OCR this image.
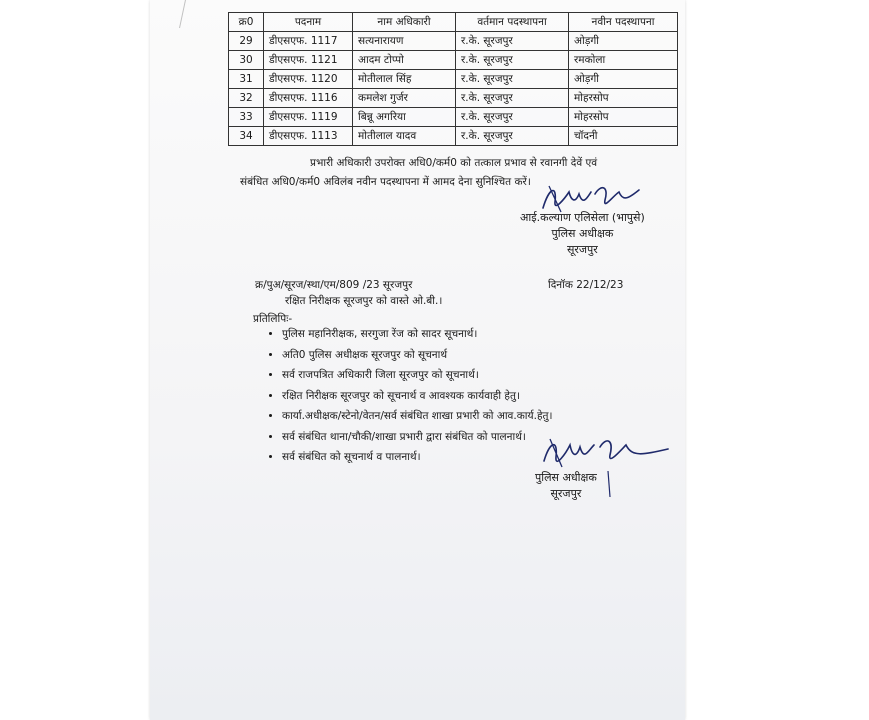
क्र0	पदनाम	नाम अधिकारी	वर्तमान पदस्थापना	नवीन पदस्थापना
29	डीएसएफ. 1117	सत्यनारायण	र.के. सूरजपुर	ओड़गी
30	डीएसएफ. 1121	आदम टोप्पो	र.के. सूरजपुर	रमकोला
31	डीएसएफ. 1120	मोतीलाल सिंह	र.के. सूरजपुर	ओड़गी
32	डीएसएफ. 1116	कमलेश गुर्जर	र.के. सूरजपुर	मोहरसोप
33	डीएसएफ. 1119	बिन्नू अगरिया	र.के. सूरजपुर	मोहरसोप
34	डीएसएफ. 1113	मोतीलाल यादव	र.के. सूरजपुर	चॉदनी
प्रभारी अधिकारी उपरोक्त अधि0/कर्म0 को तत्काल प्रभाव से रवानगी देवें एवं
संबंधित अधि0/कर्म0 अविलंब नवीन पदस्थापना में आमद देना सुनिश्चित करें।
आई.कल्याण एलिसेला (भापुसे)
पुलिस अधीक्षक
सूरजपुर
क्र/पुअ/सूरज/स्था/एम/809 /23 सूरजपुर	दिनॉक 22/12/23
रक्षित निरीक्षक सूरजपुर को वास्ते ओ.बी.।
प्रतिलिपिः-
• पुलिस महानिरीक्षक, सरगुजा रेंज को सादर सूचनार्थ।
• अति0 पुलिस अधीक्षक सूरजपुर को सूचनार्थ
• सर्व राजपत्रित अधिकारी जिला सूरजपुर को सूचनार्थ।
• रक्षित निरीक्षक सूरजपुर को सूचनार्थ व आवश्यक कार्यवाही हेतु।
• कार्या.अधीक्षक/स्टेनो/वेतन/सर्व संबंधित शाखा प्रभारी को आव.कार्य.हेतु।
• सर्व संबंधित थाना/चौकी/शाखा प्रभारी द्वारा संबंधित को पालनार्थ।
• सर्व संबंधित को सूचनार्थ व पालनार्थ।
पुलिस अधीक्षक
सूरजपुर
